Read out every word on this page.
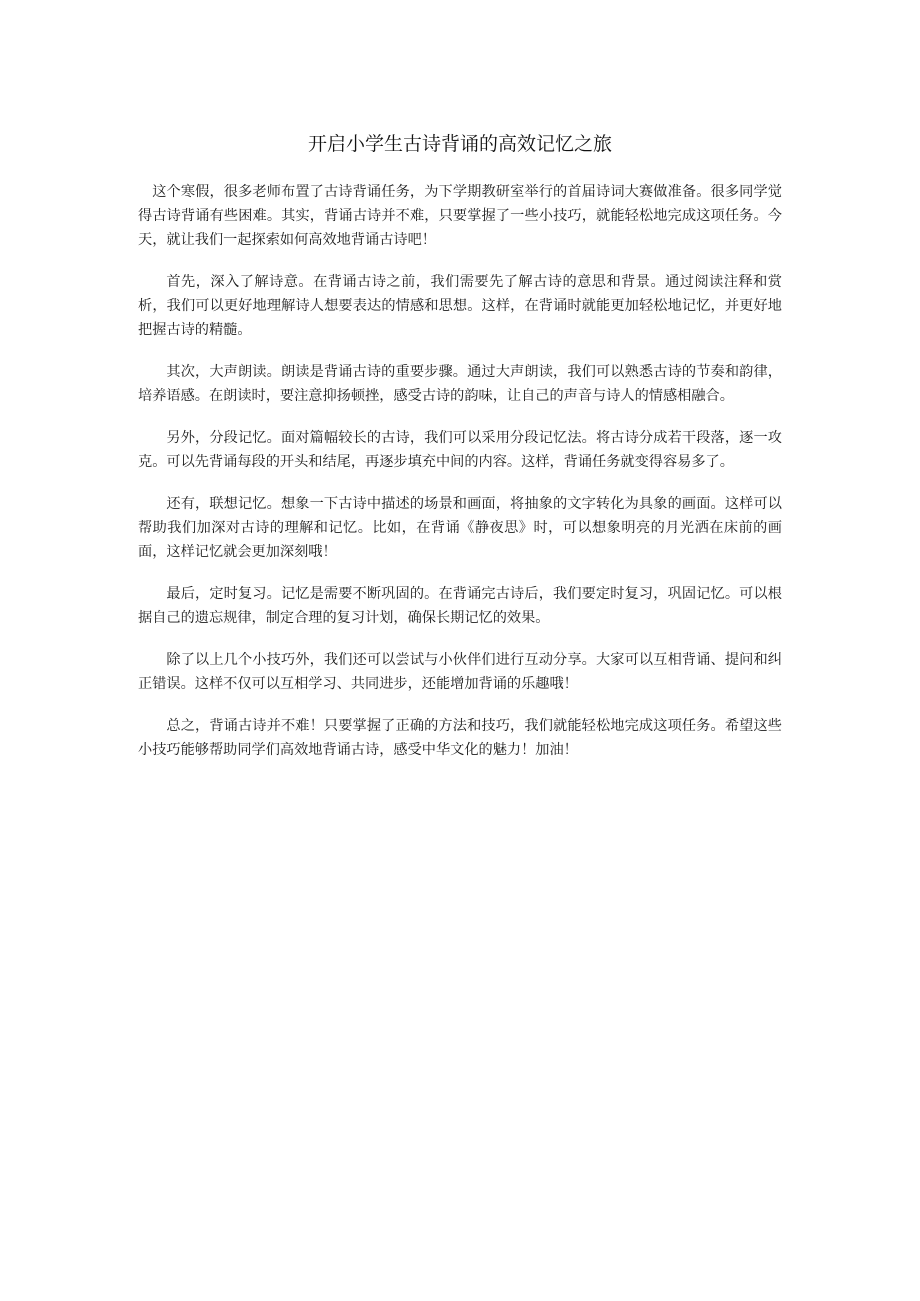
开启小学生古诗背诵的高效记忆之旅

这个寒假，很多老师布置了古诗背诵任务，为下学期教研室举行的首届诗词大赛做准备。很多同学觉得古诗背诵有些困难。其实，背诵古诗并不难，只要掌握了一些小技巧，就能轻松地完成这项任务。今天，就让我们一起探索如何高效地背诵古诗吧！

首先，深入了解诗意。在背诵古诗之前，我们需要先了解古诗的意思和背景。通过阅读注释和赏析，我们可以更好地理解诗人想要表达的情感和思想。这样，在背诵时就能更加轻松地记忆，并更好地把握古诗的精髓。

其次，大声朗读。朗读是背诵古诗的重要步骤。通过大声朗读，我们可以熟悉古诗的节奏和韵律，培养语感。在朗读时，要注意抑扬顿挫，感受古诗的韵味，让自己的声音与诗人的情感相融合。

另外，分段记忆。面对篇幅较长的古诗，我们可以采用分段记忆法。将古诗分成若干段落，逐一攻克。可以先背诵每段的开头和结尾，再逐步填充中间的内容。这样，背诵任务就变得容易多了。

还有，联想记忆。想象一下古诗中描述的场景和画面，将抽象的文字转化为具象的画面。这样可以帮助我们加深对古诗的理解和记忆。比如，在背诵《静夜思》时，可以想象明亮的月光洒在床前的画面，这样记忆就会更加深刻哦！

最后，定时复习。记忆是需要不断巩固的。在背诵完古诗后，我们要定时复习，巩固记忆。可以根据自己的遗忘规律，制定合理的复习计划，确保长期记忆的效果。

除了以上几个小技巧外，我们还可以尝试与小伙伴们进行互动分享。大家可以互相背诵、提问和纠正错误。这样不仅可以互相学习、共同进步，还能增加背诵的乐趣哦！

总之，背诵古诗并不难！只要掌握了正确的方法和技巧，我们就能轻松地完成这项任务。希望这些小技巧能够帮助同学们高效地背诵古诗，感受中华文化的魅力！加油！
